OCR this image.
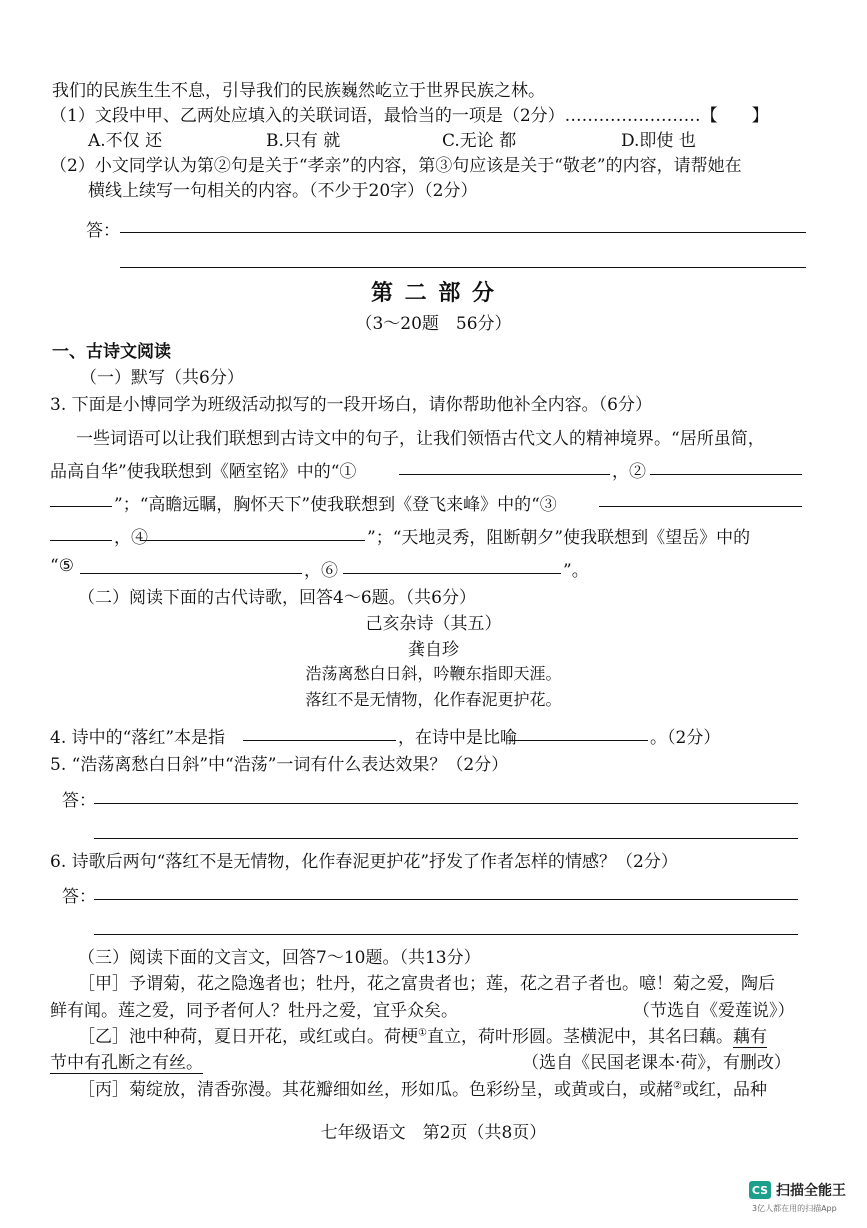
我们的民族生生不息，引导我们的民族巍然屹立于世界民族之林。
（1）文段中甲、乙两处应填入的关联词语，最恰当的一项是（2分）……………………【　　】
A.不仅 还	B.只有 就	C.无论 都	D.即使 也
（2）小文同学认为第②句是关于“孝亲”的内容，第③句应该是关于“敬老”的内容，请帮她在
横线上续写一句相关的内容。（不少于20字）（2分）
答：
第 二 部 分
（3～20题　56分）
一、古诗文阅读
（一）默写（共6分）
3. 下面是小博同学为班级活动拟写的一段开场白，请你帮助他补全内容。（6分）
一些词语可以让我们联想到古诗文中的句子，让我们领悟古代文人的精神境界。“居所虽简，
品高自华”使我联想到《陋室铭》中的“①	，②
”；“高瞻远瞩，胸怀天下”使我联想到《登飞来峰》中的“③
，④	”；“天地灵秀，阻断朝夕”使我联想到《望岳》中的
“⑤	，⑥	”。
（二）阅读下面的古代诗歌，回答4～6题。（共6分）
己亥杂诗（其五）
龚自珍
浩荡离愁白日斜，吟鞭东指即天涯。
落红不是无情物，化作春泥更护花。
4. 诗中的“落红”本是指	，在诗中是比喻	。（2分）
5. “浩荡离愁白日斜”中“浩荡”一词有什么表达效果？（2分）
答：
6. 诗歌后两句“落红不是无情物，化作春泥更护花”抒发了作者怎样的情感？（2分）
答：
（三）阅读下面的文言文，回答7～10题。（共13分）
［甲］予谓菊，花之隐逸者也；牡丹，花之富贵者也；莲，花之君子者也。噫！菊之爱，陶后
鲜有闻。莲之爱，同予者何人？牡丹之爱，宜乎众矣。	（节选自《爱莲说》）
［乙］池中种荷，夏日开花，或红或白。荷梗①直立，荷叶形圆。茎横泥中，其名曰藕。藕有
节中有孔断之有丝。	（选自《民国老课本·荷》，有删改）
［丙］菊绽放，清香弥漫。其花瓣细如丝，形如瓜。色彩纷呈，或黄或白，或赭②或红，品种
七年级语文　第2页（共8页）
CS 扫描全能王
3亿人都在用的扫描App
